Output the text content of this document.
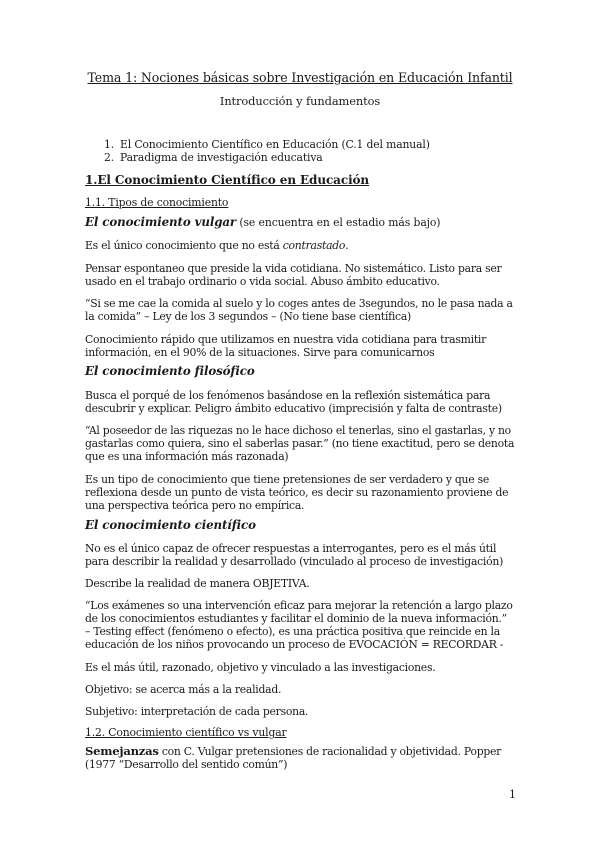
Tema 1: Nociones básicas sobre Investigación en Educación Infantil
Introducción y fundamentos
1. El Conocimiento Científico en Educación (C.1 del manual)
2. Paradigma de investigación educativa
1.El Conocimiento Científico en Educación
1.1. Tipos de conocimiento
El conocimiento vulgar (se encuentra en el estadio más bajo)
Es el único conocimiento que no está contrastado.
Pensar espontaneo que preside la vida cotidiana. No sistemático. Listo para ser usado en el trabajo ordinario o vida social. Abuso ámbito educativo.
“Si se me cae la comida al suelo y lo coges antes de 3segundos, no le pasa nada a la comida” – Ley de los 3 segundos – (No tiene base científica)
Conocimiento rápido que utilizamos en nuestra vida cotidiana para trasmitir información, en el 90% de la situaciones. Sirve para comunicarnos
El conocimiento filosófico
Busca el porqué de los fenómenos basándose en la reflexión sistemática para descubrir y explicar. Peligro ámbito educativo (imprecisión y falta de contraste)
“Al poseedor de las riquezas no le hace dichoso el tenerlas, sino el gastarlas, y no gastarlas como quiera, sino el saberlas pasar.” (no tiene exactitud, pero se denota que es una información más razonada)
Es un tipo de conocimiento que tiene pretensiones de ser verdadero y que se reflexiona desde un punto de vista teórico, es decir su razonamiento proviene de una perspectiva teórica pero no empírica.
El conocimiento científico
No es el único capaz de ofrecer respuestas a interrogantes, pero es el más útil para describir la realidad y desarrollado (vinculado al proceso de investigación)
Describe la realidad de manera OBJETIVA.
“Los exámenes so una intervención eficaz para mejorar la retención a largo plazo de los conocimientos estudiantes y facilitar el dominio de la nueva información.” – Testing effect (fenómeno o efecto), es una práctica positiva que reincide en la educación de los niños provocando un proceso de EVOCACIÓN = RECORDAR -
Es el más útil, razonado, objetivo y vinculado a las investigaciones.
Objetivo: se acerca más a la realidad.
Subjetivo: interpretación de cada persona.
1.2. Conocimiento científico vs vulgar
Semejanzas con C. Vulgar pretensiones de racionalidad y objetividad. Popper (1977 “Desarrollo del sentido común”)
1
